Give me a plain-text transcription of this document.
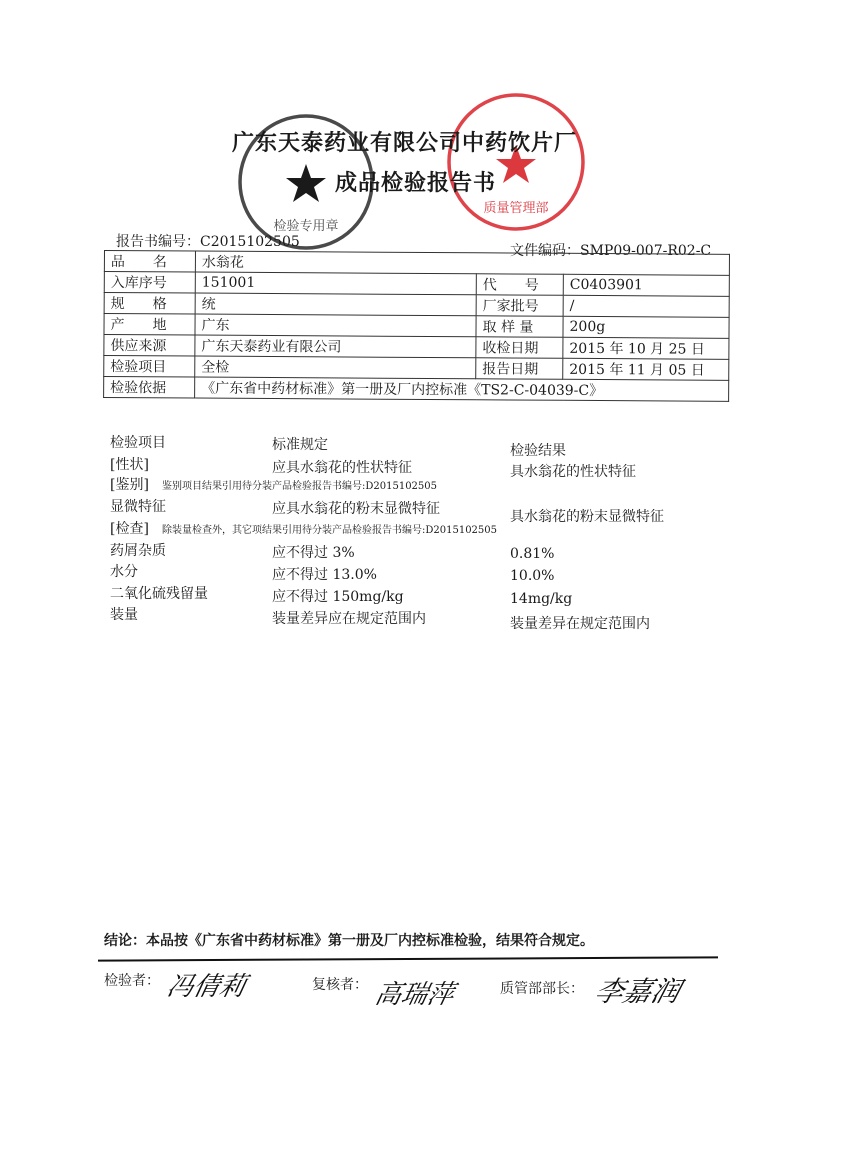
检验专用章
质量管理部
广东天泰药业有限公司中药饮片厂
成品检验报告书
报告书编号：C2015102505
文件编码：SMP09-007-R02-C
品　　名	水翁花		
入库序号	151001	代　　号	C0403901
规　　格	统	厂家批号	/
产　　地	广东	取 样 量	200g
供应来源	广东天泰药业有限公司	收检日期	2015 年 10 月 25 日
检验项目	全检	报告日期	2015 年 11 月 05 日
检验依据	《广东省中药材标准》第一册及厂内控标准《TS2-C-04039-C》		
检验项目	标准规定	检验结果
[性状]	应具水翁花的性状特征	具水翁花的性状特征
[鉴别] 鉴别项目结果引用待分装产品检验报告书编号:D2015102505
显微特征	应具水翁花的粉末显微特征	具水翁花的粉末显微特征
[检查] 除装量检查外，其它项结果引用待分装产品检验报告书编号:D2015102505
药屑杂质	应不得过 3%	0.81%
水分	应不得过 13.0%	10.0%
二氧化硫残留量	应不得过 150mg/kg	14mg/kg
装量	装量差异应在规定范围内	装量差异在规定范围内
结论：本品按《广东省中药材标准》第一册及厂内控标准检验，结果符合规定。
检验者： 冯倩莉	复核者： 高瑞萍	质管部部长： 李嘉润
